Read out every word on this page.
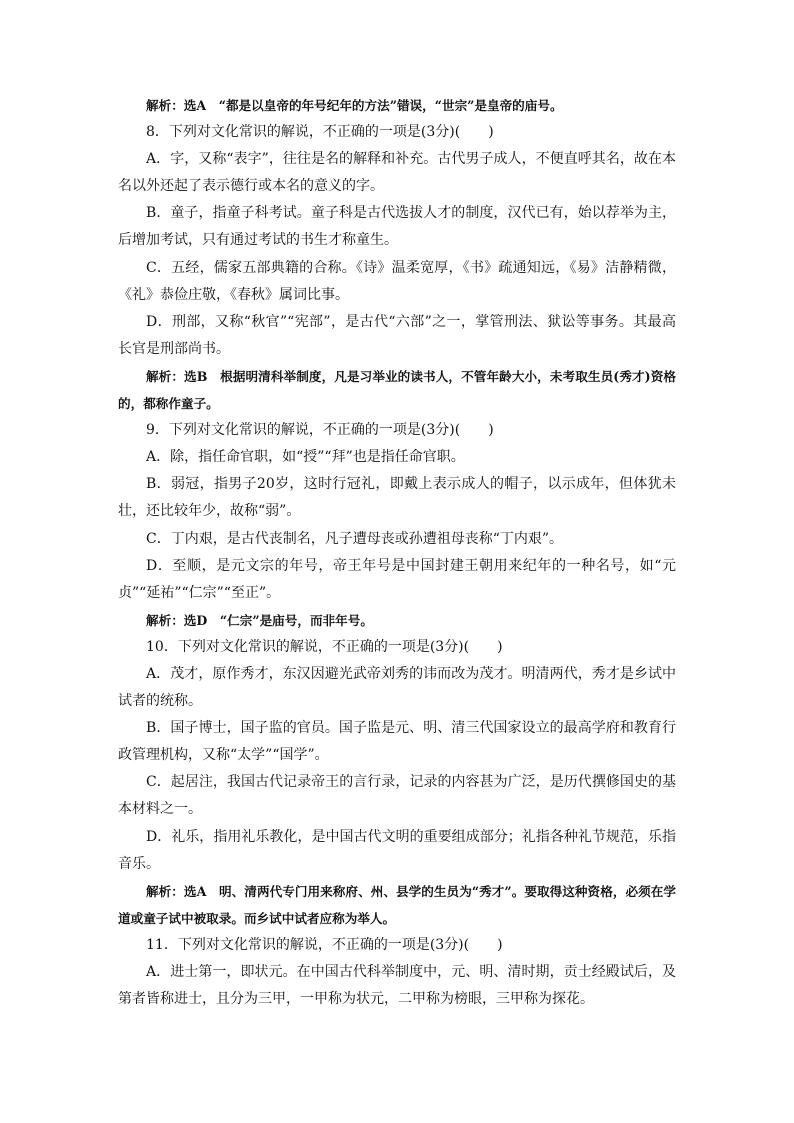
解析：选A　“都是以皇帝的年号纪年的方法”错误，“世宗”是皇帝的庙号。

8．下列对文化常识的解说，不正确的一项是(3分)(　　)

A．字，又称“表字”，往往是名的解释和补充。古代男子成人，不便直呼其名，故在本名以外还起了表示德行或本名的意义的字。

B．童子，指童子科考试。童子科是古代选拔人才的制度，汉代已有，始以荐举为主，后增加考试，只有通过考试的书生才称童生。

C．五经，儒家五部典籍的合称。《诗》温柔宽厚，《书》疏通知远，《易》洁静精微，《礼》恭俭庄敬，《春秋》属词比事。

D．刑部，又称“秋官”“宪部”，是古代“六部”之一，掌管刑法、狱讼等事务。其最高长官是刑部尚书。

解析：选B　根据明清科举制度，凡是习举业的读书人，不管年龄大小，未考取生员(秀才)资格的，都称作童子。

9．下列对文化常识的解说，不正确的一项是(3分)(　　)

A．除，指任命官职，如“授”“拜”也是指任命官职。

B．弱冠，指男子20岁，这时行冠礼，即戴上表示成人的帽子，以示成年，但体犹未壮，还比较年少，故称“弱”。

C．丁内艰，是古代丧制名，凡子遭母丧或孙遭祖母丧称“丁内艰”。

D．至顺，是元文宗的年号，帝王年号是中国封建王朝用来纪年的一种名号，如“元贞”“延祐”“仁宗”“至正”。

解析：选D　“仁宗”是庙号，而非年号。

10．下列对文化常识的解说，不正确的一项是(3分)(　　)

A．茂才，原作秀才，东汉因避光武帝刘秀的讳而改为茂才。明清两代，秀才是乡试中试者的统称。

B．国子博士，国子监的官员。国子监是元、明、清三代国家设立的最高学府和教育行政管理机构，又称“太学”“国学”。

C．起居注，我国古代记录帝王的言行录，记录的内容甚为广泛，是历代撰修国史的基本材料之一。

D．礼乐，指用礼乐教化，是中国古代文明的重要组成部分；礼指各种礼节规范，乐指音乐。

解析：选A　明、清两代专门用来称府、州、县学的生员为“秀才”。要取得这种资格，必须在学道或童子试中被取录。而乡试中试者应称为举人。

11．下列对文化常识的解说，不正确的一项是(3分)(　　)

A．进士第一，即状元。在中国古代科举制度中，元、明、清时期，贡士经殿试后，及第者皆称进士，且分为三甲，一甲称为状元，二甲称为榜眼，三甲称为探花。
